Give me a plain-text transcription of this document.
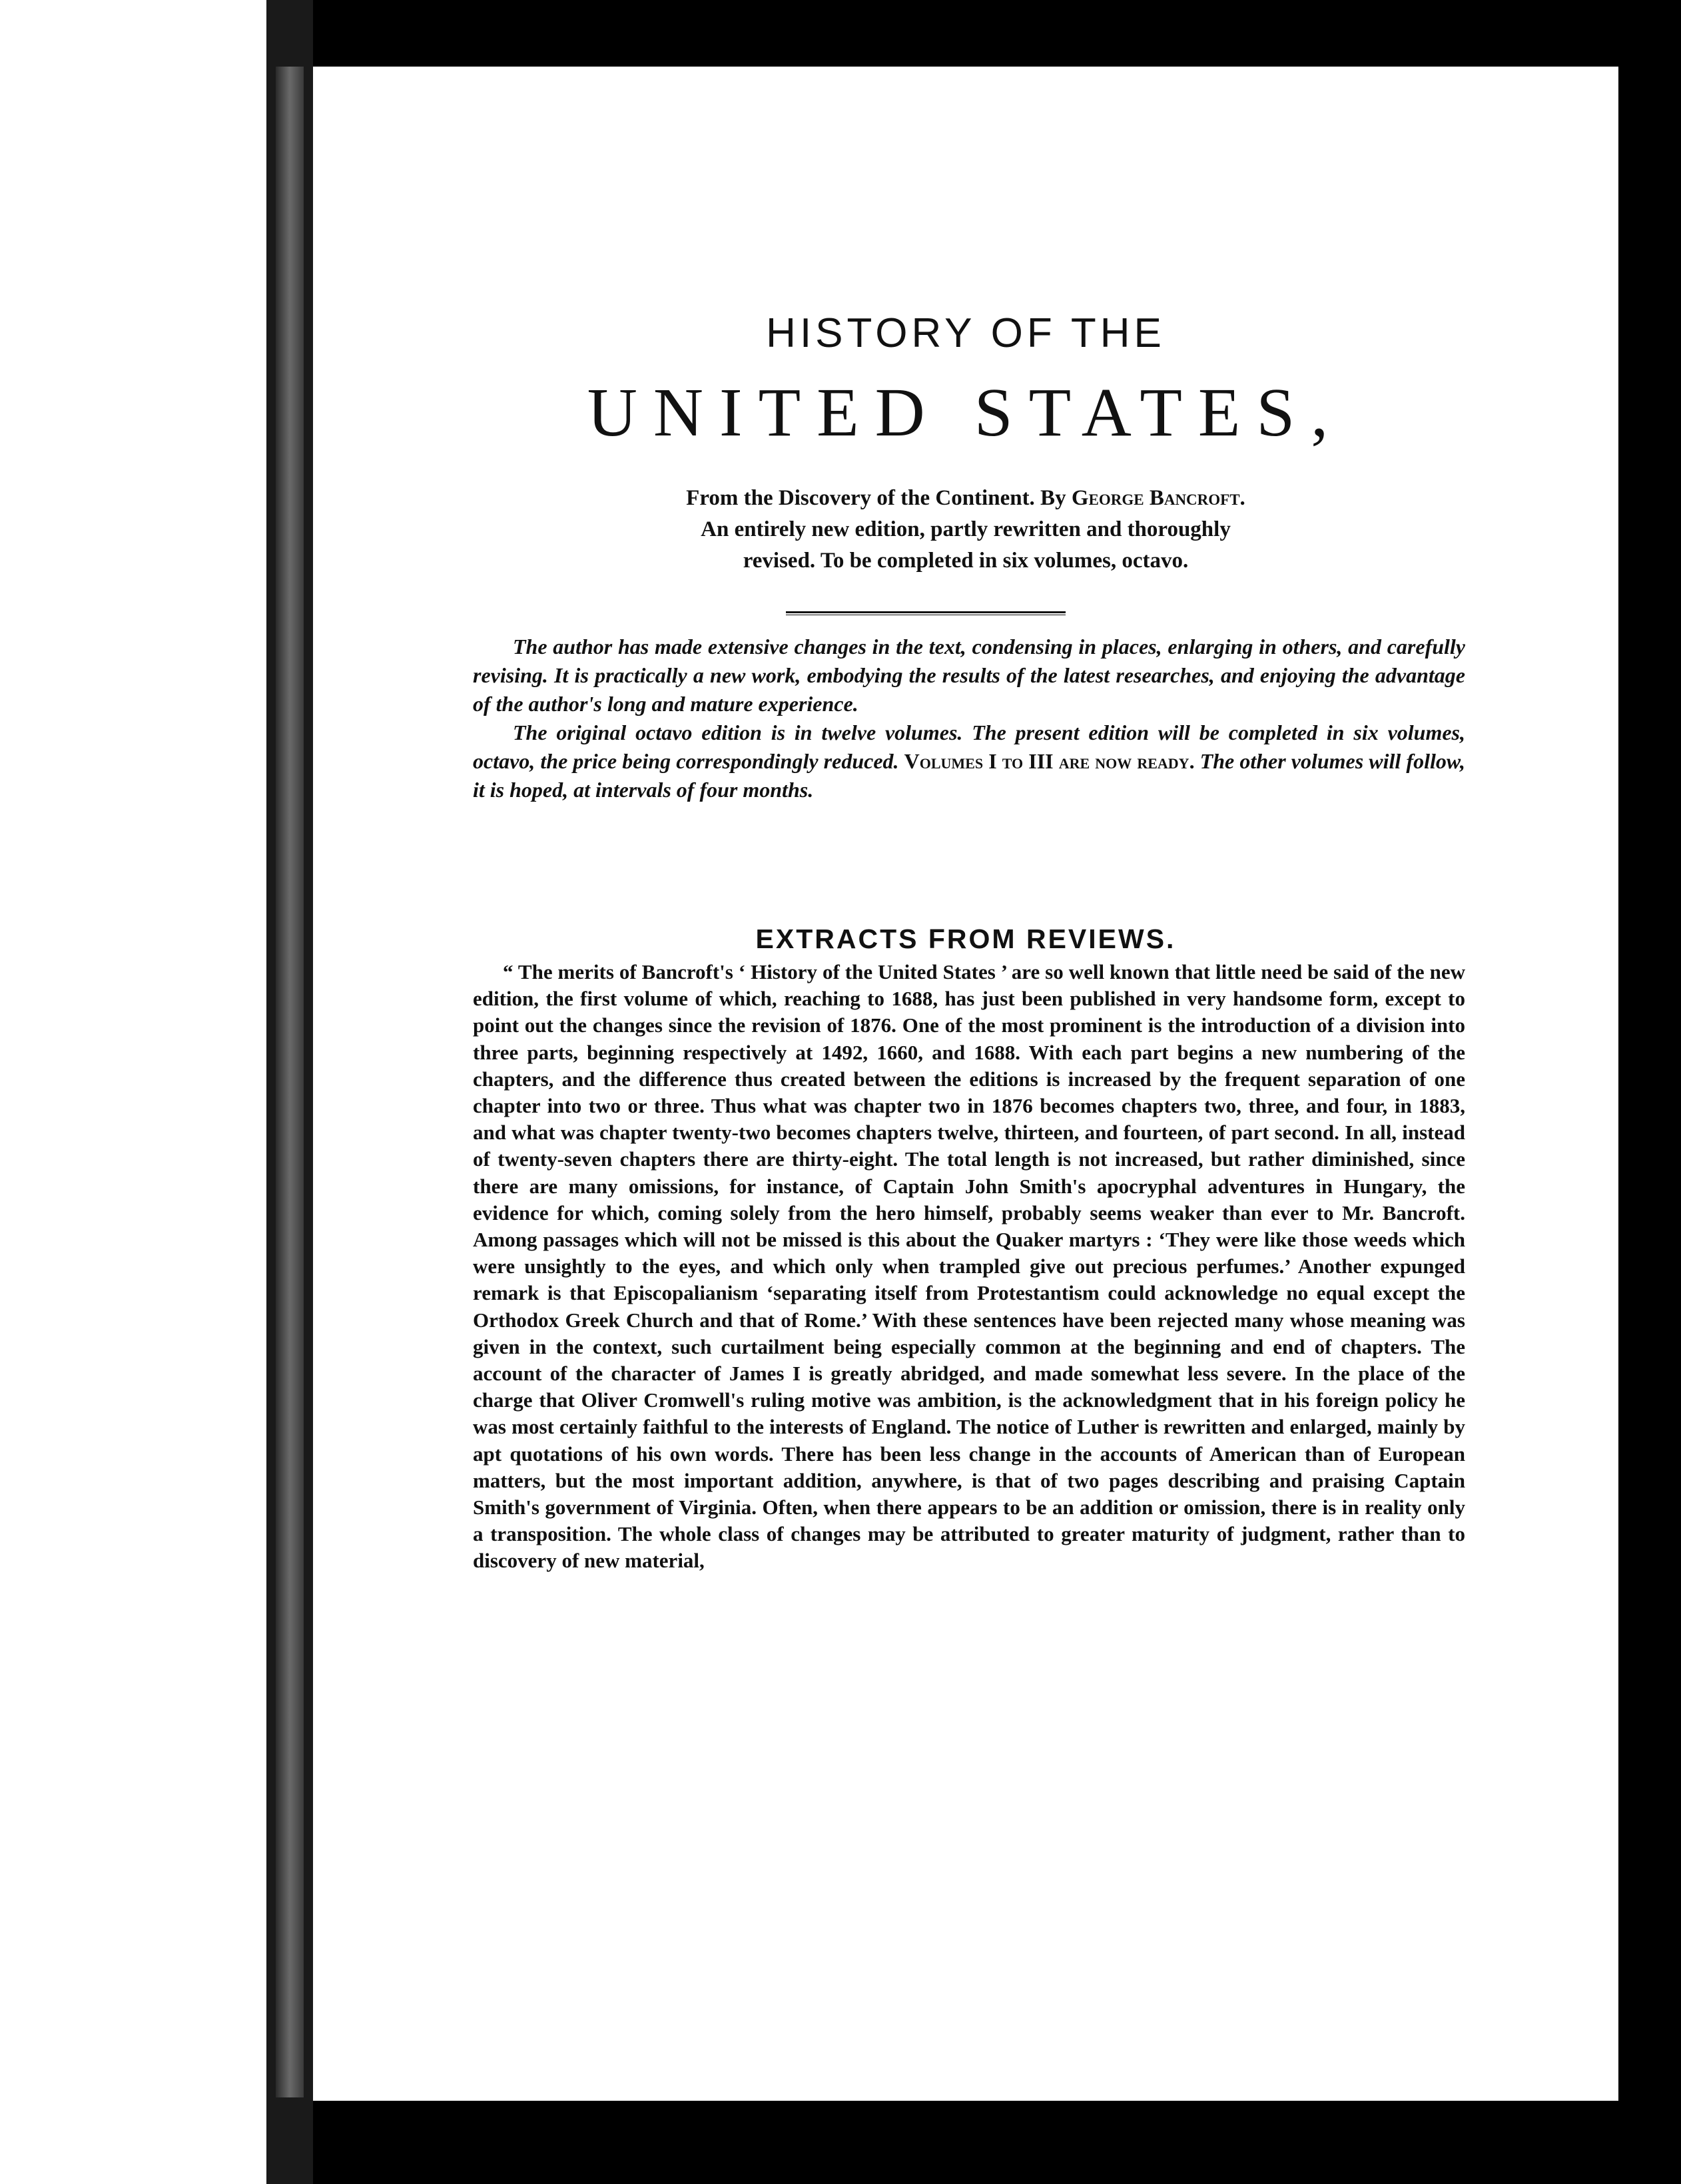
HISTORY OF THE
UNITED STATES,
From the Discovery of the Continent. By George Bancroft.
An entirely new edition, partly rewritten and thoroughly
revised. To be completed in six volumes, octavo.

The author has made extensive changes in the text, condensing in places, enlarging in others, and carefully revising. It is practically a new work, embodying the results of the latest researches, and enjoying the advantage of the author's long and mature experience.

The original octavo edition is in twelve volumes. The present edition will be completed in six volumes, octavo, the price being correspondingly reduced. Volumes I to III are now ready. The other volumes will follow, it is hoped, at intervals of four months.

EXTRACTS FROM REVIEWS.

“ The merits of Bancroft's ‘ History of the United States ’ are so well known that little need be said of the new edition, the first volume of which, reaching to 1688, has just been published in very handsome form, except to point out the changes since the revision of 1876. One of the most prominent is the introduction of a division into three parts, beginning respectively at 1492, 1660, and 1688. With each part begins a new numbering of the chapters, and the difference thus created between the editions is increased by the frequent separation of one chapter into two or three. Thus what was chapter two in 1876 becomes chapters two, three, and four, in 1883, and what was chapter twenty-two becomes chapters twelve, thirteen, and fourteen, of part second. In all, instead of twenty-seven chapters there are thirty-eight. The total length is not increased, but rather diminished, since there are many omissions, for instance, of Captain John Smith's apocryphal adventures in Hungary, the evidence for which, coming solely from the hero himself, probably seems weaker than ever to Mr. Bancroft. Among passages which will not be missed is this about the Quaker martyrs : ‘They were like those weeds which were unsightly to the eyes, and which only when trampled give out precious perfumes.’ Another expunged remark is that Episcopalianism ‘separating itself from Protestantism could acknowledge no equal except the Orthodox Greek Church and that of Rome.’ With these sentences have been rejected many whose meaning was given in the context, such curtailment being especially common at the beginning and end of chapters. The account of the character of James I is greatly abridged, and made somewhat less severe. In the place of the charge that Oliver Cromwell's ruling motive was ambition, is the acknowledgment that in his foreign policy he was most certainly faithful to the interests of England. The notice of Luther is rewritten and enlarged, mainly by apt quotations of his own words. There has been less change in the accounts of American than of European matters, but the most important addition, anywhere, is that of two pages describing and praising Captain Smith's government of Virginia. Often, when there appears to be an addition or omission, there is in reality only a transposition. The whole class of changes may be attributed to greater maturity of judgment, rather than to discovery of new material,
